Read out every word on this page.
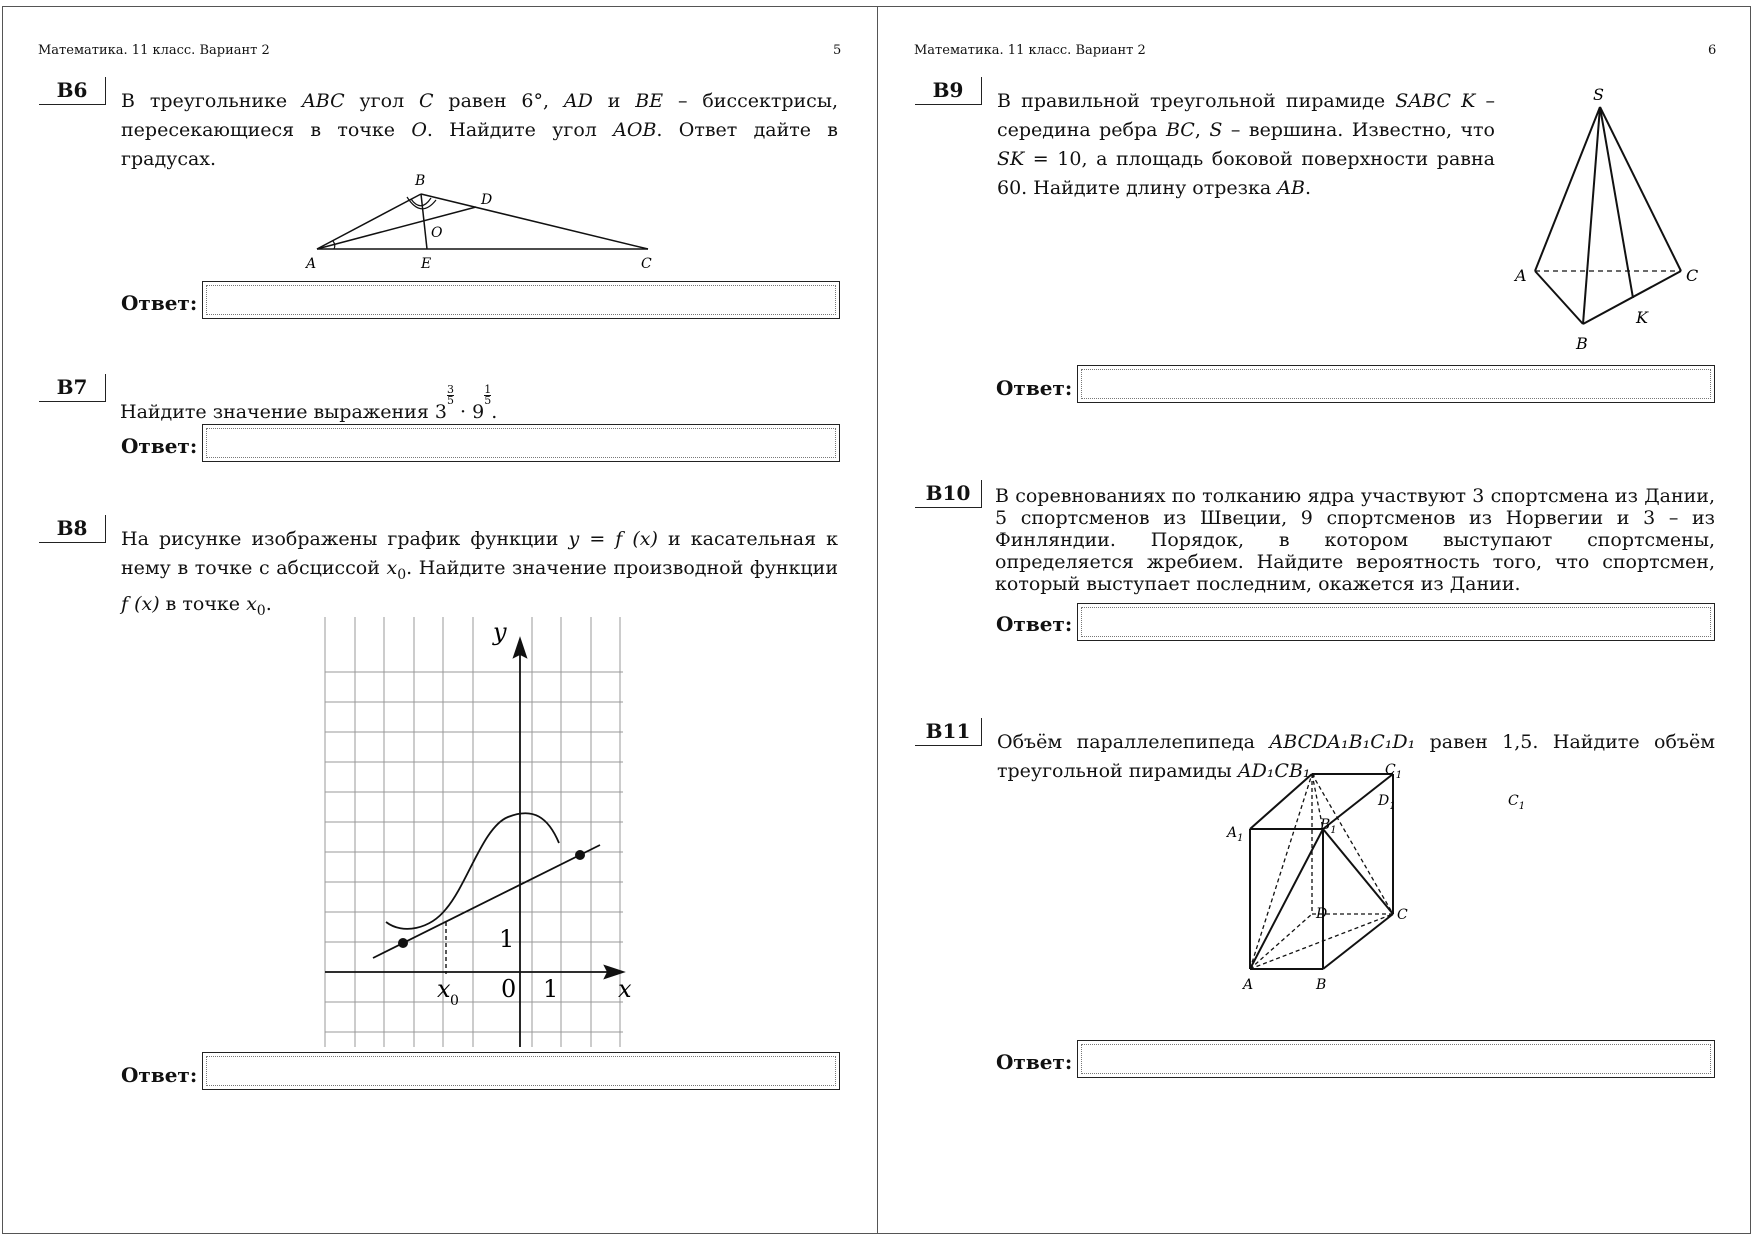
Математика. 11 класс. Вариант 2	5
B6	В треугольнике ABC угол C равен 6°, AD и BE – биссектрисы, пересекающиеся в точке O. Найдите угол AOB. Ответ дайте в градусах.
A
B
C
D
E
O
Ответ:
B7
Найдите значение выражения 3
$^{\frac{3}{5}}$
· 9
$^{\frac{1}{5}}$
.
Ответ:
B8	На рисунке изображены график функции y = f (x) и касательная к нему в точке с абсциссой $x_0$. Найдите значение производной функции f (x) в точке $x_0$.
y
x
x 0 0 1
1
Ответ:
Математика. 11 класс. Вариант 2	6
B9	В правильной треугольной пирамиде SABC K – середина ребра BC, S – вершина. Известно, что SK = 10, а площадь боковой поверхности равна 60. Найдите длину отрезка AB.
S
A	C
B
K
Ответ:
B10	В соревнованиях по толканию ядра участвуют 3 спортсмена из Дании, 5 спортсменов из Швеции, 9 спортсменов из Норвегии и 3 – из Финляндии. Порядок, в котором выступают спортсмены, определяется жребием. Найдите вероятность того, что спортсмен, который выступает последним, окажется из Дании.
Ответ:
B11	Объём параллелепипеда ABCDA₁B₁C₁D₁ равен 1,5. Найдите объём треугольной пирамиды AD₁CB₁.
A	B
C
D
$A_1$
$B_1$
$C_1$
$D_1$	$C_1$
Ответ:
